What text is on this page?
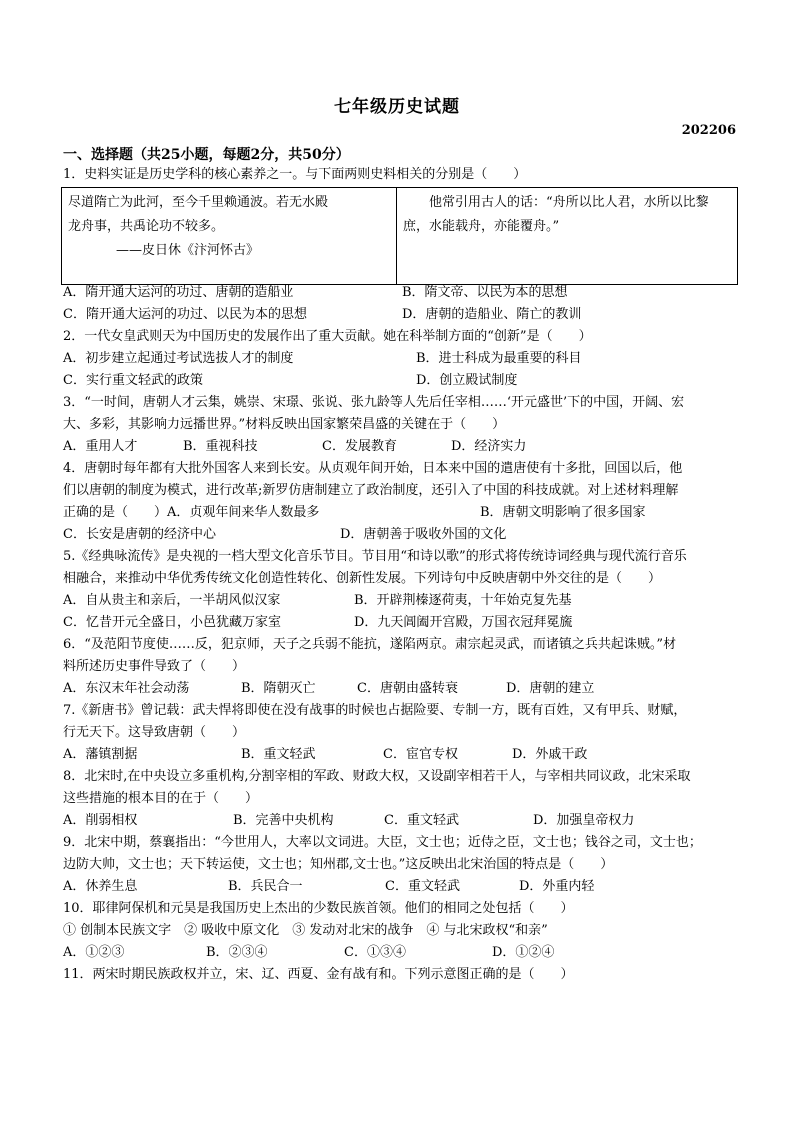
七年级历史试题
202206
一、选择题（共25小题，每题2分，共50分）
1．史料实证是历史学科的核心素养之一。与下面两则史料相关的分别是（　　）
尽道隋亡为此河，至今千里赖通波。若无水殿
龙舟事，共禹论功不较多。
——皮日休《汴河怀古》
他常引用古人的话：“舟所以比人君，水所以比黎庶，水能载舟，亦能覆舟。”
A．隋开通大运河的功过、唐朝的造船业	B．隋文帝、以民为本的思想
C．隋开通大运河的功过、以民为本的思想	D．唐朝的造船业、隋亡的教训
2．一代女皇武则天为中国历史的发展作出了重大贡献。她在科举制方面的“创新”是（　　）
A．初步建立起通过考试选拔人才的制度	B．进士科成为最重要的科目
C．实行重文轻武的政策	D．创立殿试制度
3．“一时间，唐朝人才云集，姚崇、宋璟、张说、张九龄等人先后任宰相……‘开元盛世’下的中国，开阔、宏
大、多彩，其影响力远播世界。”材料反映出国家繁荣昌盛的关键在于（　　）
A．重用人才	B．重视科技	C．发展教育	D．经济实力
4．唐朝时每年都有大批外国客人来到长安。从贞观年间开始，日本来中国的遣唐使有十多批，回国以后，他
们以唐朝的制度为模式，进行改革;新罗仿唐制建立了政治制度，还引入了中国的科技成就。对上述材料理解
正确的是（　　）A．贞观年间来华人数最多	B．唐朝文明影响了很多国家
C．长安是唐朝的经济中心	D．唐朝善于吸收外国的文化
5.《经典咏流传》是央视的一档大型文化音乐节目。节目用“和诗以歌”的形式将传统诗词经典与现代流行音乐
相融合，来推动中华优秀传统文化创造性转化、创新性发展。下列诗句中反映唐朝中外交往的是（　　）
A．自从贵主和亲后，一半胡风似汉家	B．开辟荆榛逐荷夷，十年始克复先基
C．忆昔开元全盛日，小邑犹藏万家室	D．九天阊阖开宫殿，万国衣冠拜冕旒
6．“及范阳节度使……反，犯京师，天子之兵弱不能抗，遂陷两京。肃宗起灵武，而诸镇之兵共起诛贼。”材
料所述历史事件导致了（　　）
A．东汉末年社会动荡	B．隋朝灭亡	C．唐朝由盛转衰	D．唐朝的建立
7.《新唐书》曾记载：武夫悍将即使在没有战事的时候也占据险要、专制一方，既有百姓，又有甲兵、财赋，
行无天下。这导致唐朝（　　）
A．藩镇割据	B．重文轻武	C．宦官专权	D．外戚干政
8．北宋时,在中央设立多重机构,分割宰相的军政、财政大权，又设副宰相若干人，与宰相共同议政，北宋采取
这些措施的根本目的在于（　　）
A．削弱相权	B．完善中央机构	C．重文轻武	D．加强皇帝权力
9．北宋中期，蔡襄指出：“今世用人，大率以文词进。大臣，文士也；近侍之臣，文士也；钱谷之司，文士也；
边防大帅，文士也；天下转运使，文士也；知州郡,文士也。”这反映出北宋治国的特点是（　　）
A．休养生息	B．兵民合一	C．重文轻武	D．外重内轻
10．耶律阿保机和元昊是我国历史上杰出的少数民族首领。他们的相同之处包括（　　）
① 创制本民族文字　② 吸收中原文化　③ 发动对北宋的战争　④ 与北宋政权“和亲”
A．①②③	B．②③④	C．①③④	D．①②④
11．两宋时期民族政权并立，宋、辽、西夏、金有战有和。下列示意图正确的是（　　）
